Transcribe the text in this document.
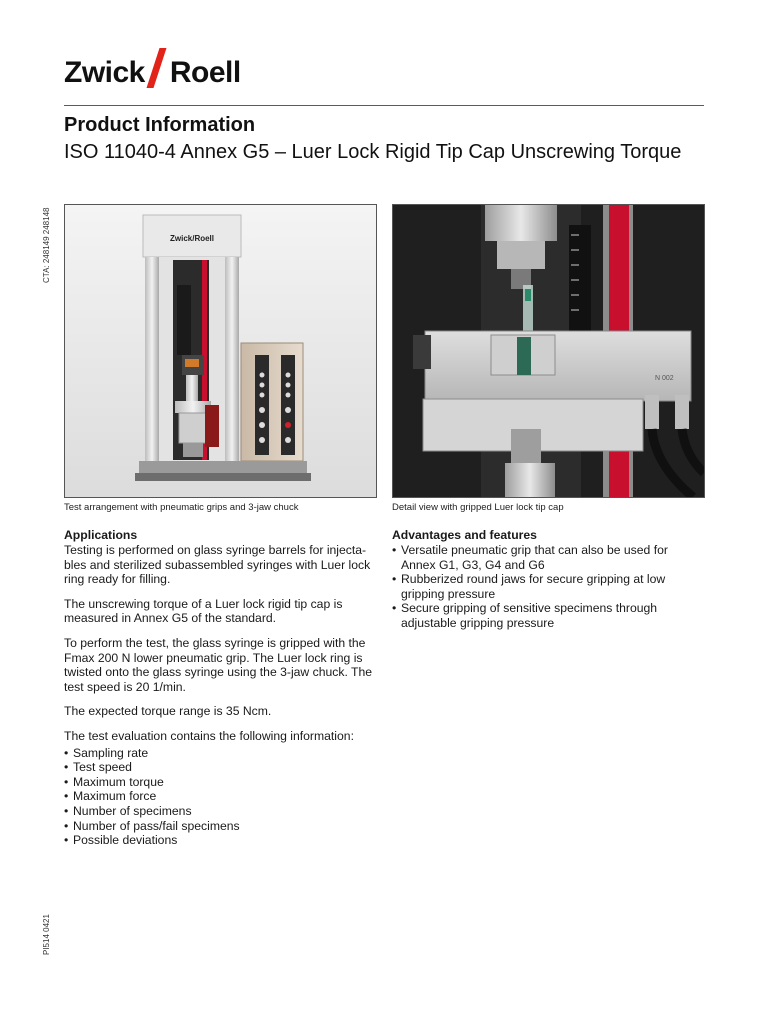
Zwick Roell
Product Information
ISO 11040-4 Annex G5 – Luer Lock Rigid Tip Cap Unscrewing Torque
CTA: 248149 248148
PI514 0421
Zwick/Roell
Test arrangement with pneumatic grips and 3-jaw chuck
N 002
Detail view with gripped Luer lock tip cap
Applications

Testing is performed on glass syringe barrels for injecta-bles and sterilized subassembled syringes with Luer lock ring ready for filling.

The unscrewing torque of a Luer lock rigid tip cap is measured in Annex G5 of the standard.

To perform the test, the glass syringe is gripped with the Fmax 200 N lower pneumatic grip. The Luer lock ring is twisted onto the glass syringe using the 3-jaw chuck. The test speed is 20 1/min.

The expected torque range is 35 Ncm.

The test evaluation contains the following information:

• Sampling rate
• Test speed
• Maximum torque
• Maximum force
• Number of specimens
• Number of pass/fail specimens
• Possible deviations
Advantages and features
• Versatile pneumatic grip that can also be used for Annex G1, G3, G4 and G6
• Rubberized round jaws for secure gripping at low gripping pressure
• Secure gripping of sensitive specimens through adjustable gripping pressure
